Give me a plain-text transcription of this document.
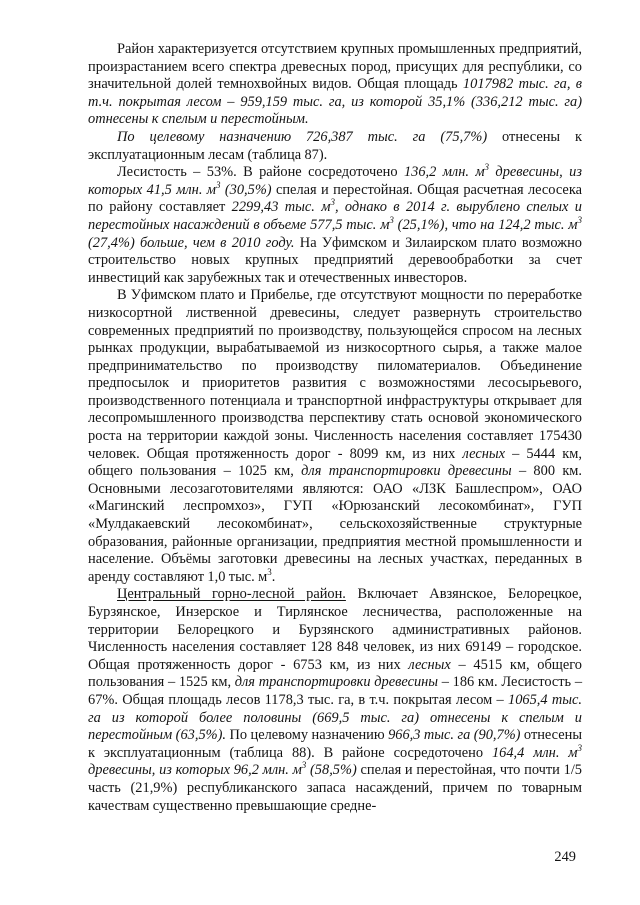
Район характеризуется отсутствием крупных промышленных предприятий, произрастанием всего спектра древесных пород, присущих для республики, со значительной долей темнохвойных видов. Общая площадь 1017982 тыс. га, в т.ч. покрытая лесом – 959,159 тыс. га, из которой 35,1% (336,212 тыс. га) отнесены к спелым и перестойным.

По целевому назначению 726,387 тыс. га (75,7%) отнесены к эксплуатационным лесам (таблица 87).

Лесистость – 53%. В районе сосредоточено 136,2 млн. $м^3$ древесины, из которых 41,5 млн. $м^3$ (30,5%) спелая и перестойная. Общая расчетная лесосека по району составляет 2299,43 тыс. $м^3$, однако в 2014 г. вырублено спелых и перестойных насаждений в объеме 577,5 тыс. $м^3$ (25,1%), что на 124,2 тыс. $м^3$ (27,4%) больше, чем в 2010 году. На Уфимском и Зилаирском плато возможно строительство новых крупных предприятий деревообработки за счет инвестиций как зарубежных так и отечественных инвесторов.

В Уфимском плато и Прибелье, где отсутствуют мощности по переработке низкосортной лиственной древесины, следует развернуть строительство современных предприятий по производству, пользующейся спросом на лесных рынках продукции, вырабатываемой из низкосортного сырья, а также малое предпринимательство по производству пиломатериалов. Объединение предпосылок и приоритетов развития с возможностями лесосырьевого, производственного потенциала и транспортной инфраструктуры открывает для лесопромышленного производства перспективу стать основой экономического роста на территории каждой зоны. Численность населения составляет 175430 человек. Общая протяженность дорог - 8099 км, из них лесных – 5444 км, общего пользования – 1025 км, для транспортировки древесины – 800 км. Основными лесозаготовителями являются: ОАО «ЛЗК Башлеспром», ОАО «Магинский леспромхоз», ГУП «Юрюзанский лесокомбинат», ГУП «Мулдакаевский лесокомбинат», сельскохозяйственные структурные образования, районные организации, предприятия местной промышленности и население. Объёмы заготовки древесины на лесных участках, переданных в аренду составляют 1,0 тыс. $м^3$.

Центральный горно-лесной район. Включает Авзянское, Белорецкое, Бурзянское, Инзерское и Тирлянское лесничества, расположенные на территории Белорецкого и Бурзянского административных районов. Численность населения составляет 128 848 человек, из них 69149 – городское. Общая протяженность дорог - 6753 км, из них лесных – 4515 км, общего пользования – 1525 км, для транспортировки древесины – 186 км. Лесистость – 67%. Общая площадь лесов 1178,3 тыс. га, в т.ч. покрытая лесом – 1065,4 тыс. га из которой более половины (669,5 тыс. га) отнесены к спелым и перестойным (63,5%). По целевому назначению 966,3 тыс. га (90,7%) отнесены к эксплуатационным (таблица 88). В районе сосредоточено 164,4 млн. $м^3$ древесины, из которых 96,2 млн. $м^3$ (58,5%) спелая и перестойная, что почти 1/5 часть (21,9%) республиканского запаса насаждений, причем по товарным качествам существенно превышающие средне-

249
